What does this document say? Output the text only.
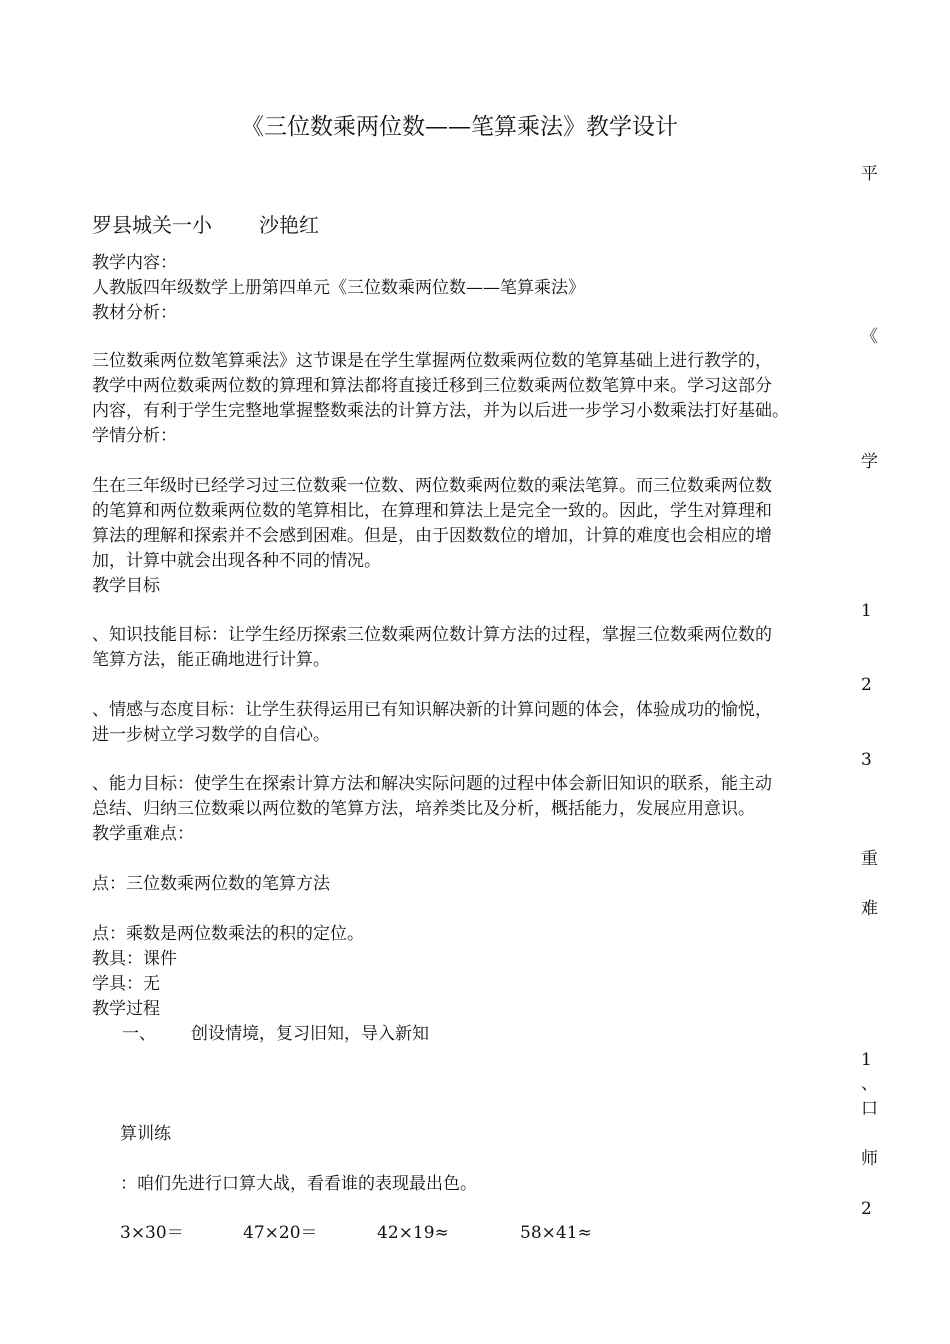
《三位数乘两位数——笔算乘法》教学设计
平
罗县城关一小 沙艳红
教学内容：
人教版四年级数学上册第四单元《三位数乘两位数——笔算乘法》
教材分析：
《
三位数乘两位数笔算乘法》这节课是在学生掌握两位数乘两位数的笔算基础上进行教学的，
教学中两位数乘两位数的算理和算法都将直接迁移到三位数乘两位数笔算中来。学习这部分
内容，有利于学生完整地掌握整数乘法的计算方法，并为以后进一步学习小数乘法打好基础。
学情分析：
学
生在三年级时已经学习过三位数乘一位数、两位数乘两位数的乘法笔算。而三位数乘两位数
的笔算和两位数乘两位数的笔算相比，在算理和算法上是完全一致的。因此，学生对算理和
算法的理解和探索并不会感到困难。但是，由于因数数位的增加，计算的难度也会相应的增
加，计算中就会出现各种不同的情况。
教学目标
1
、知识技能目标：让学生经历探索三位数乘两位数计算方法的过程，掌握三位数乘两位数的
笔算方法，能正确地进行计算。
2
、情感与态度目标：让学生获得运用已有知识解决新的计算问题的体会，体验成功的愉悦，
进一步树立学习数学的自信心。
3
、能力目标：使学生在探索计算方法和解决实际问题的过程中体会新旧知识的联系，能主动
总结、归纳三位数乘以两位数的笔算方法，培养类比及分析，概括能力，发展应用意识。
教学重难点：
重
点：三位数乘两位数的笔算方法
难
点：乘数是两位数乘法的积的定位。
教具：课件
学具：无
教学过程
一、 创设情境，复习旧知，导入新知
1
、
口
算训练
师
：咱们先进行口算大战，看看谁的表现最出色。
2
3×30＝	47×20＝	42×19≈	58×41≈
